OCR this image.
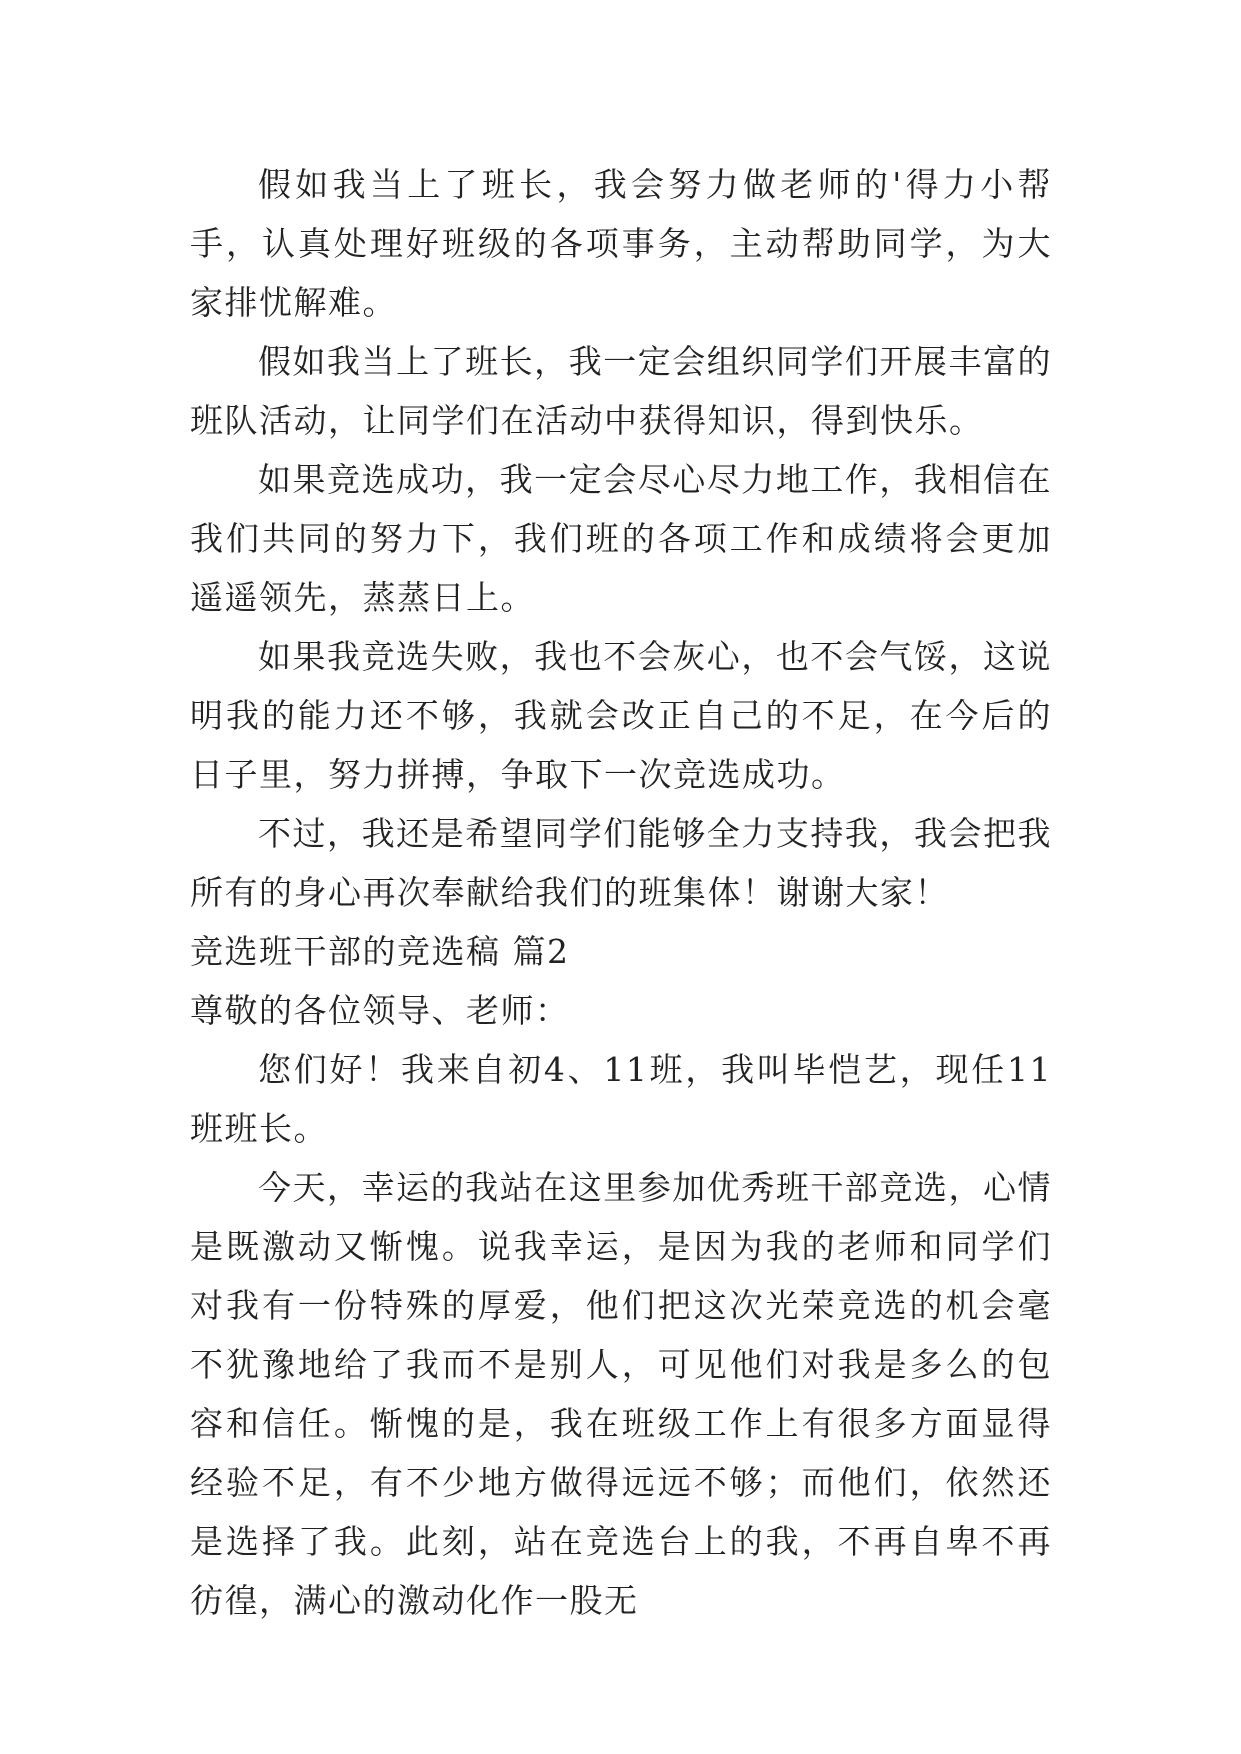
假如我当上了班长，我会努力做老师的'得力小帮手，认真处理好班级的各项事务，主动帮助同学，为大家排忧解难。

假如我当上了班长，我一定会组织同学们开展丰富的班队活动，让同学们在活动中获得知识，得到快乐。

如果竞选成功，我一定会尽心尽力地工作，我相信在我们共同的努力下，我们班的各项工作和成绩将会更加遥遥领先，蒸蒸日上。

如果我竞选失败，我也不会灰心，也不会气馁，这说明我的能力还不够，我就会改正自己的不足，在今后的日子里，努力拼搏，争取下一次竞选成功。

不过，我还是希望同学们能够全力支持我，我会把我所有的身心再次奉献给我们的班集体！谢谢大家！

竞选班干部的竞选稿 篇2

尊敬的各位领导、老师：

您们好！我来自初4、11班，我叫毕恺艺，现任11班班长。

今天，幸运的我站在这里参加优秀班干部竞选，心情是既激动又惭愧。说我幸运，是因为我的老师和同学们对我有一份特殊的厚爱，他们把这次光荣竞选的机会毫不犹豫地给了我而不是别人，可见他们对我是多么的包容和信任。惭愧的是，我在班级工作上有很多方面显得经验不足，有不少地方做得远远不够；而他们，依然还是选择了我。此刻，站在竞选台上的我，不再自卑不再彷徨，满心的激动化作一股无
